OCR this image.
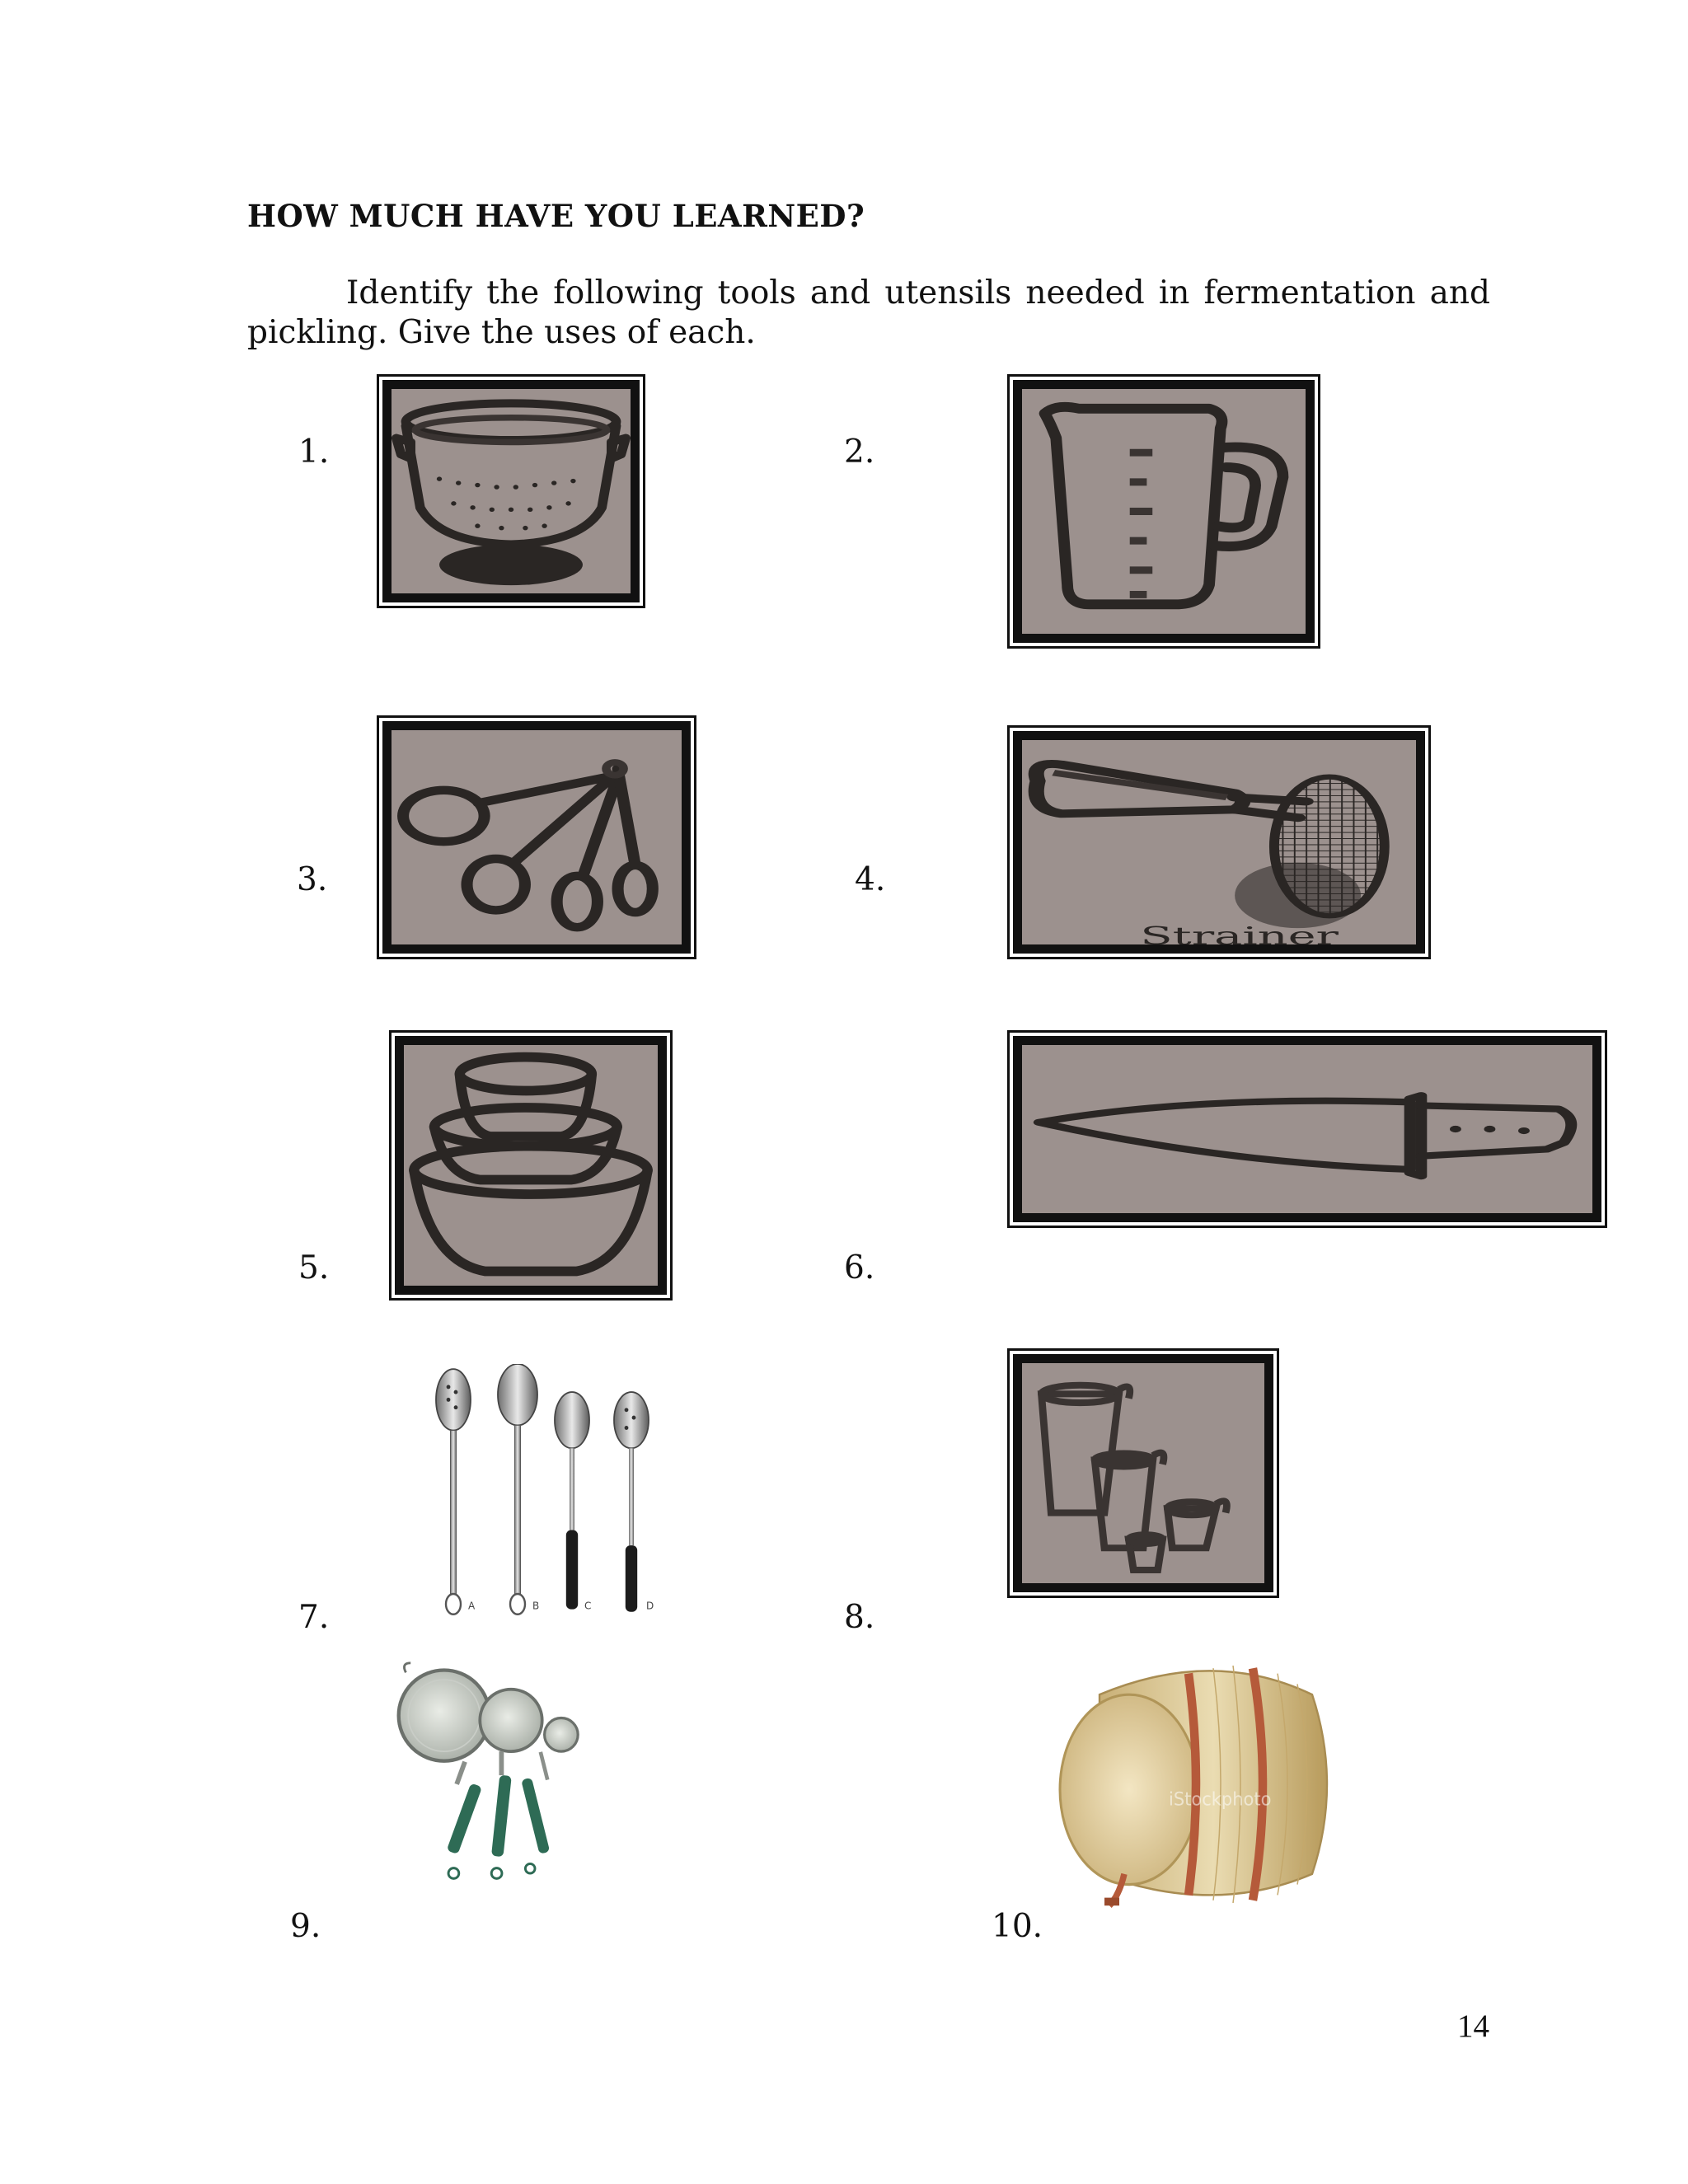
HOW MUCH HAVE YOU LEARNED?
Identify the following tools and utensils needed in fermentation and pickling. Give the uses of each.
1.	2.
3.	4.
Strainer
5.	6.
7.	A	B	C	D	8.
9.	10.
iStockphoto
14
